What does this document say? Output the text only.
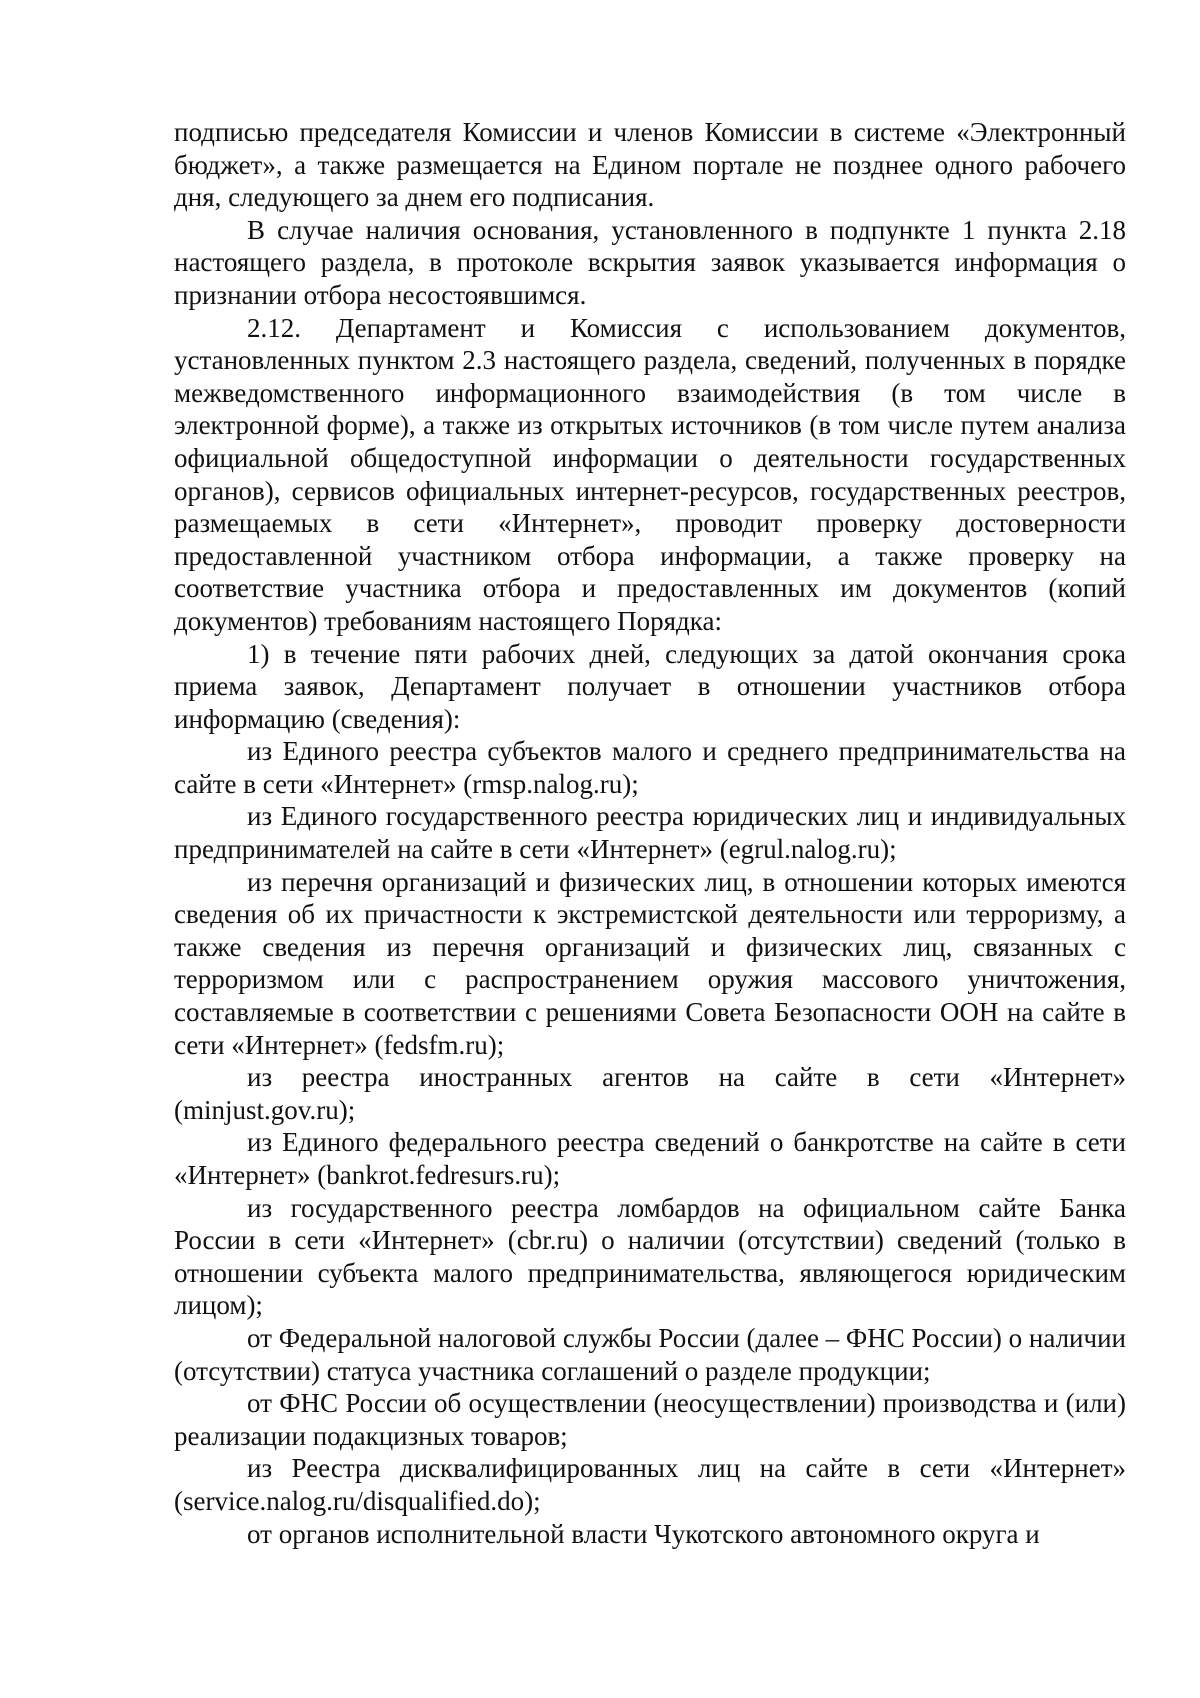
подписью председателя Комиссии и членов Комиссии в системе «Электронный бюджет», а также размещается на Едином портале не позднее одного рабочего дня, следующего за днем его подписания.

В случае наличия основания, установленного в подпункте 1 пункта 2.18 настоящего раздела, в протоколе вскрытия заявок указывается информация о признании отбора несостоявшимся.

2.12. Департамент и Комиссия с использованием документов, установленных пунктом 2.3 настоящего раздела, сведений, полученных в порядке межведомственного информационного взаимодействия (в том числе в электронной форме), а также из открытых источников (в том числе путем анализа официальной общедоступной информации о деятельности государственных органов), сервисов официальных интернет-ресурсов, государственных реестров, размещаемых в сети «Интернет», проводит проверку достоверности предоставленной участником отбора информации, а также проверку на соответствие участника отбора и предоставленных им документов (копий документов) требованиям настоящего Порядка:

1) в течение пяти рабочих дней, следующих за датой окончания срока приема заявок, Департамент получает в отношении участников отбора информацию (сведения):

из Единого реестра субъектов малого и среднего предпринимательства на сайте в сети «Интернет» (rmsp.nalog.ru);

из Единого государственного реестра юридических лиц и индивидуальных предпринимателей на сайте в сети «Интернет» (egrul.nalog.ru);

из перечня организаций и физических лиц, в отношении которых имеются сведения об их причастности к экстремистской деятельности или терроризму, а также сведения из перечня организаций и физических лиц, связанных с терроризмом или с распространением оружия массового уничтожения, составляемые в соответствии с решениями Совета Безопасности ООН на сайте в сети «Интернет» (fedsfm.ru);

из реестра иностранных агентов на сайте в сети «Интернет» (minjust.gov.ru);

из Единого федерального реестра сведений о банкротстве на сайте в сети «Интернет» (bankrot.fedresurs.ru);

из государственного реестра ломбардов на официальном сайте Банка России в сети «Интернет» (cbr.ru) о наличии (отсутствии) сведений (только в отношении субъекта малого предпринимательства, являющегося юридическим лицом);

от Федеральной налоговой службы России (далее – ФНС России) о наличии (отсутствии) статуса участника соглашений о разделе продукции;

от ФНС России об осуществлении (неосуществлении) производства и (или) реализации подакцизных товаров;

из Реестра дисквалифицированных лиц на сайте в сети «Интернет» (service.nalog.ru/disqualified.do);

от органов исполнительной власти Чукотского автономного округа и
